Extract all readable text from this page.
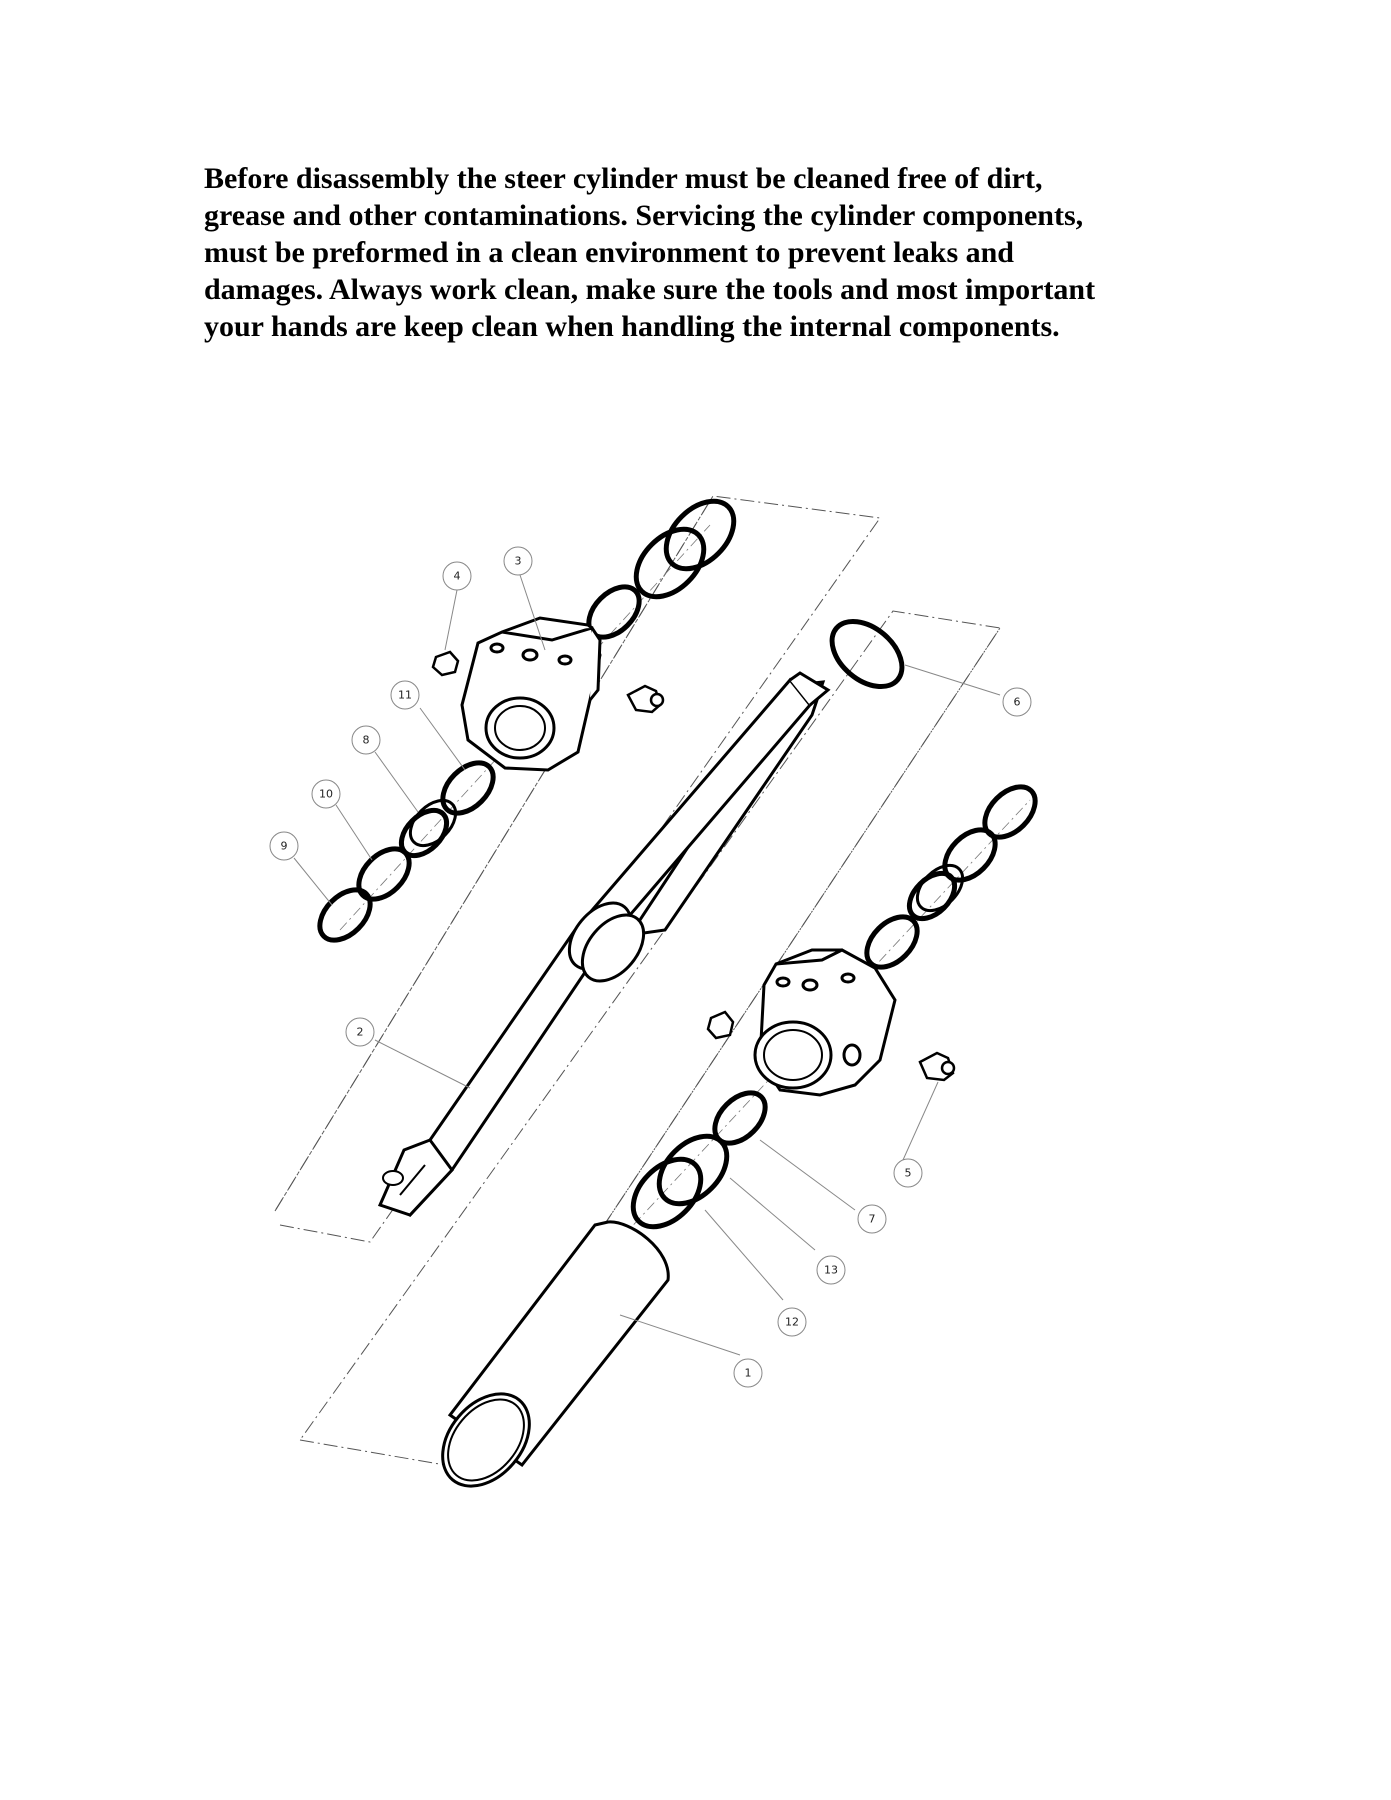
Before disassembly the steer cylinder must be cleaned free of dirt,
grease and other contaminations. Servicing the cylinder components,
must be preformed in a clean environment to prevent leaks and
damages. Always work clean, make sure the tools and most important
your hands are keep clean when handling the internal components.

4
3
11
8
10
9
6
2
5
7
13
12
1
